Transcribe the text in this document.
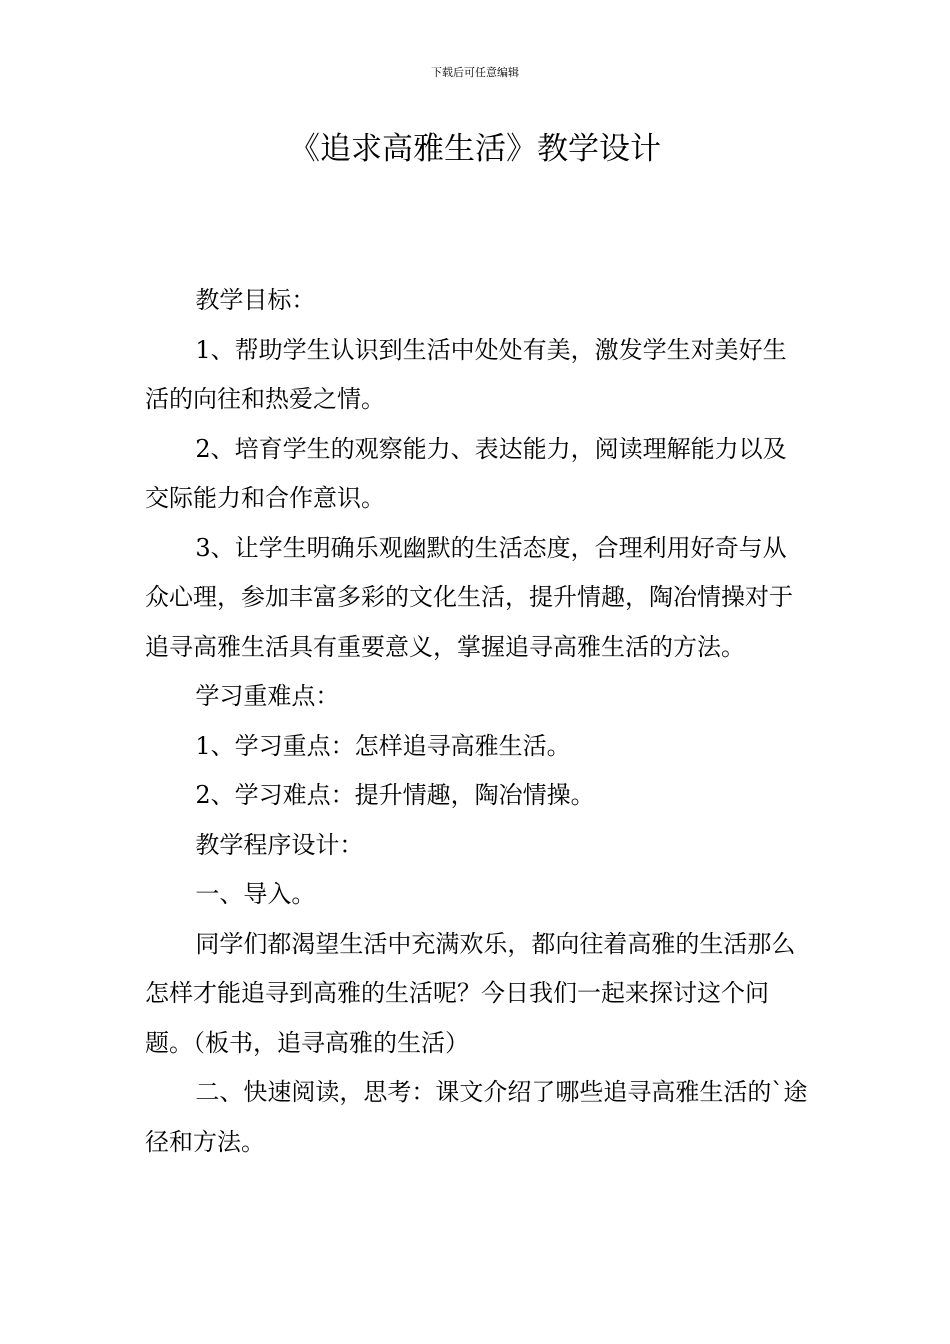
下载后可任意编辑
《追求高雅生活》教学设计

教学目标：

1、帮助学生认识到生活中处处有美，激发学生对美好生活的向往和热爱之情。

2、培育学生的观察能力、表达能力，阅读理解能力以及交际能力和合作意识。

3、让学生明确乐观幽默的生活态度，合理利用好奇与从众心理，参加丰富多彩的文化生活，提升情趣，陶冶情操对于追寻高雅生活具有重要意义，掌握追寻高雅生活的方法。

学习重难点：

1、学习重点：怎样追寻高雅生活。

2、学习难点：提升情趣，陶冶情操。

教学程序设计：

一、导入。

同学们都渴望生活中充满欢乐，都向往着高雅的生活那么怎样才能追寻到高雅的生活呢？今日我们一起来探讨这个问题。（板书，追寻高雅的生活）

二、快速阅读，思考：课文介绍了哪些追寻高雅生活的`途径和方法。
